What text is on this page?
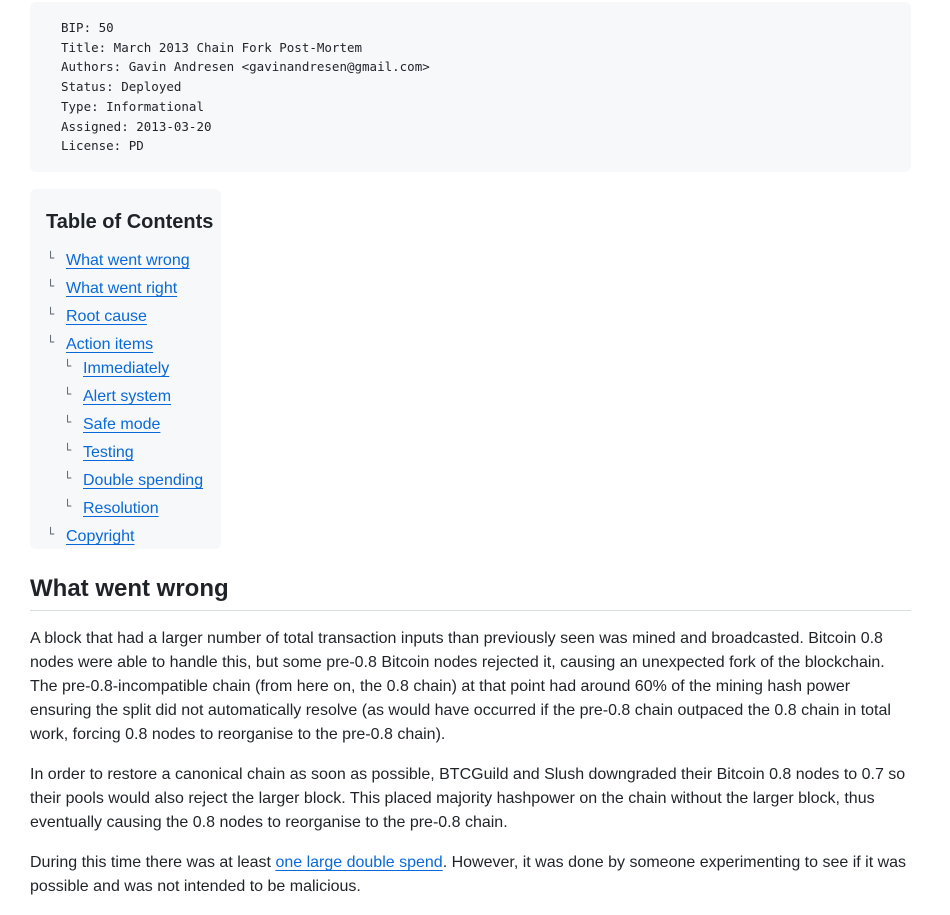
BIP: 50
Title: March 2013 Chain Fork Post-Mortem
Authors: Gavin Andresen <gavinandresen@gmail.com>
Status: Deployed
Type: Informational
Assigned: 2013-03-20
License: PD
Table of Contents
└ What went wrong
└ What went right
└ Root cause
└ Action items
└ Immediately
└ Alert system
└ Safe mode
└ Testing
└ Double spending
└ Resolution
└ Copyright
What went wrong

A block that had a larger number of total transaction inputs than previously seen was mined and broadcasted. Bitcoin 0.8 nodes were able to handle this, but some pre-0.8 Bitcoin nodes rejected it, causing an unexpected fork of the blockchain. The pre-0.8-incompatible chain (from here on, the 0.8 chain) at that point had around 60% of the mining hash power ensuring the split did not automatically resolve (as would have occurred if the pre-0.8 chain outpaced the 0.8 chain in total work, forcing 0.8 nodes to reorganise to the pre-0.8 chain).

In order to restore a canonical chain as soon as possible, BTCGuild and Slush downgraded their Bitcoin 0.8 nodes to 0.7 so their pools would also reject the larger block. This placed majority hashpower on the chain without the larger block, thus eventually causing the 0.8 nodes to reorganise to the pre-0.8 chain.

During this time there was at least one large double spend. However, it was done by someone experimenting to see if it was possible and was not intended to be malicious.
